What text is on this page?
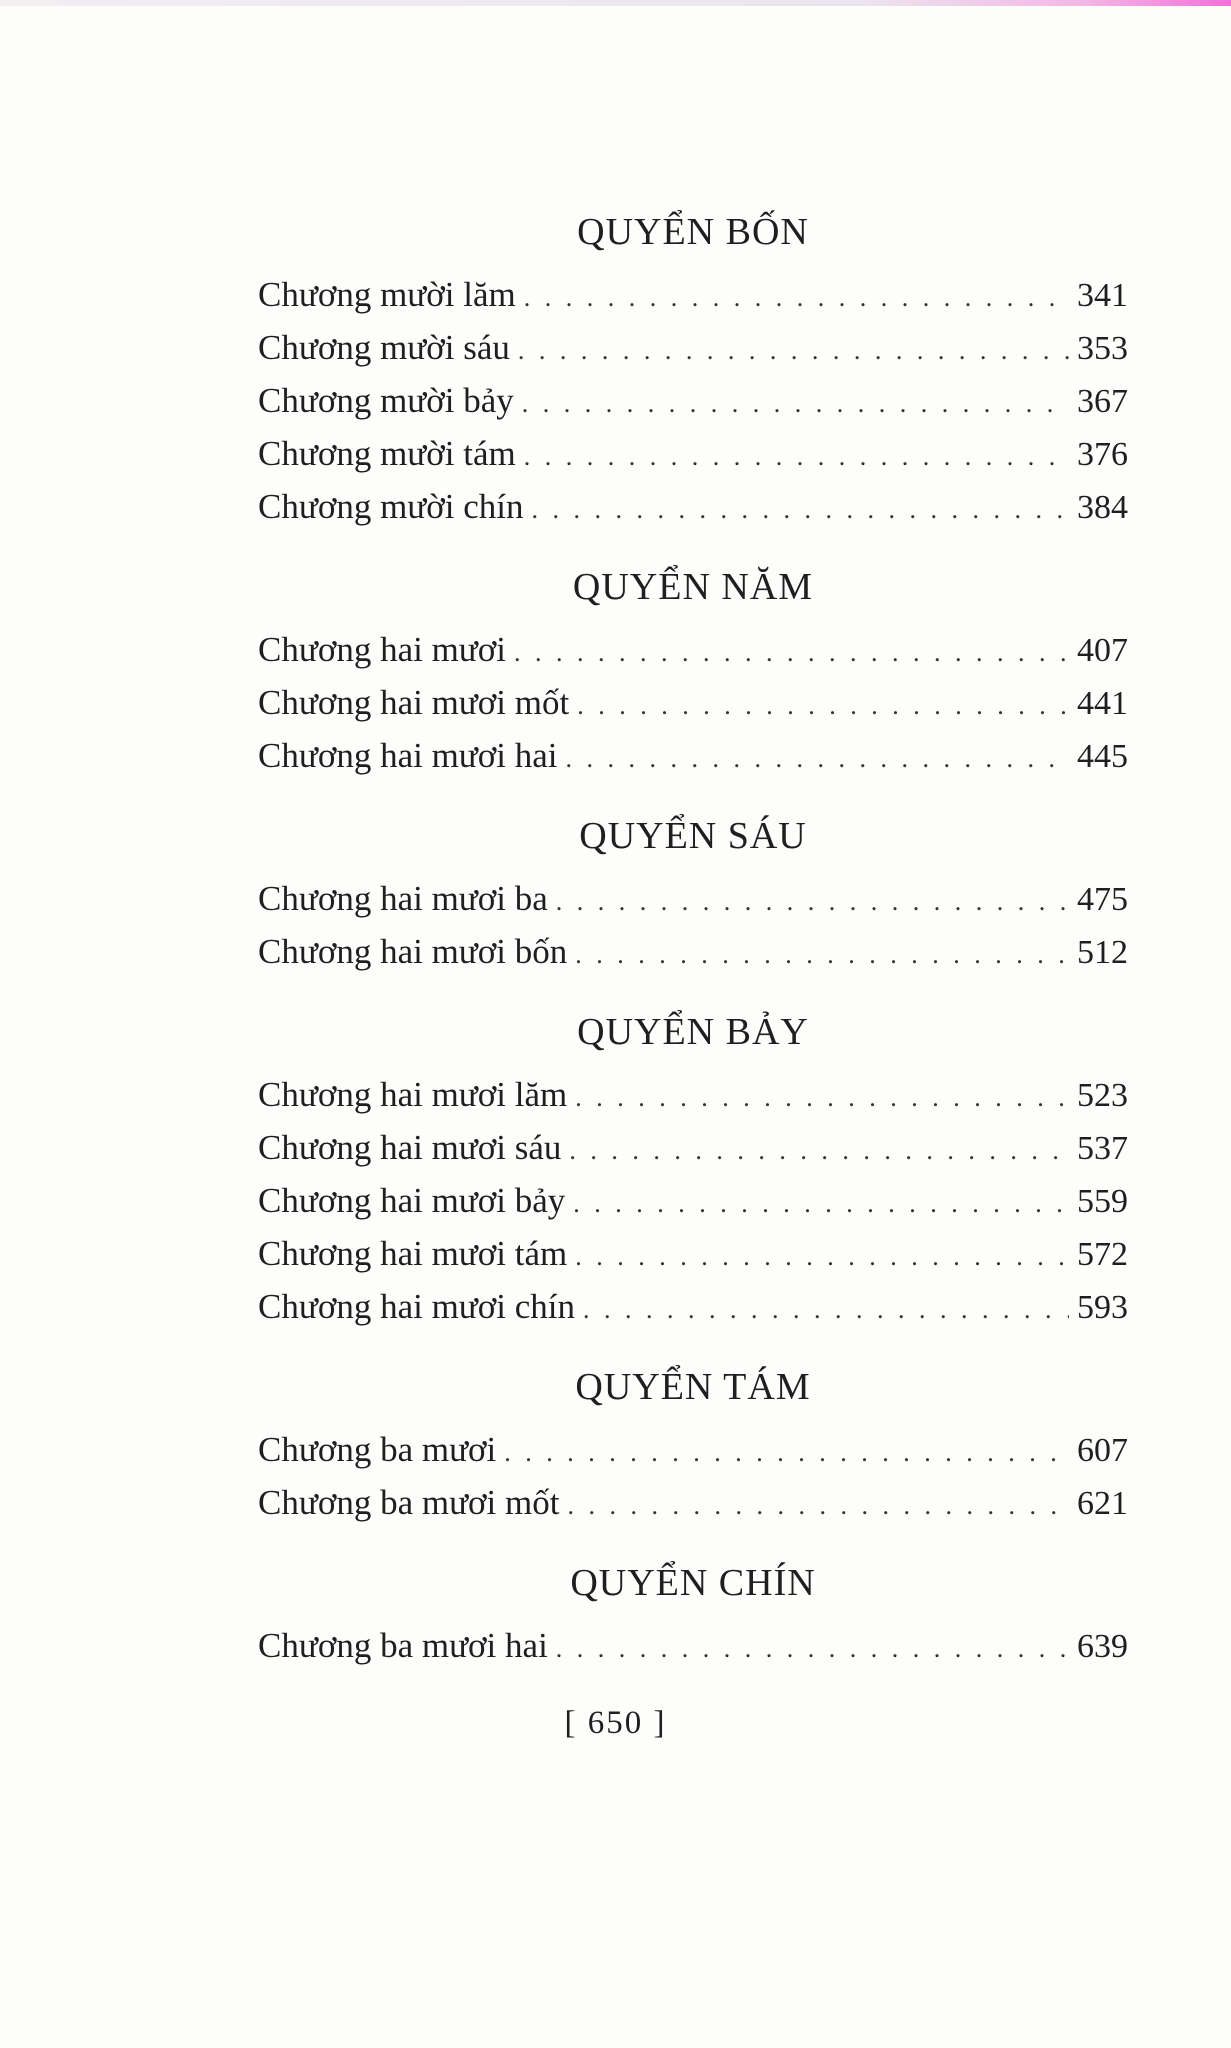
QUYỂN BỐN
Chương mười lăm . . .	341
Chương mười sáu . . .	353
Chương mười bảy . . .	367
Chương mười tám . . .	376
Chương mười chín . . .	384
QUYỂN NĂM
Chương hai mươi . . .	407
Chương hai mươi mốt . . .	441
Chương hai mươi hai . . .	445
QUYỂN SÁU
Chương hai mươi ba . . .	475
Chương hai mươi bốn . . .	512
QUYỂN BẢY
Chương hai mươi lăm . . .	523
Chương hai mươi sáu . . .	537
Chương hai mươi bảy . . .	559
Chương hai mươi tám . . .	572
Chương hai mươi chín . . .	593
QUYỂN TÁM
Chương ba mươi . . .	607
Chương ba mươi mốt . . .	621
QUYỂN CHÍN
Chương ba mươi hai . . .	639
[ 650 ]
